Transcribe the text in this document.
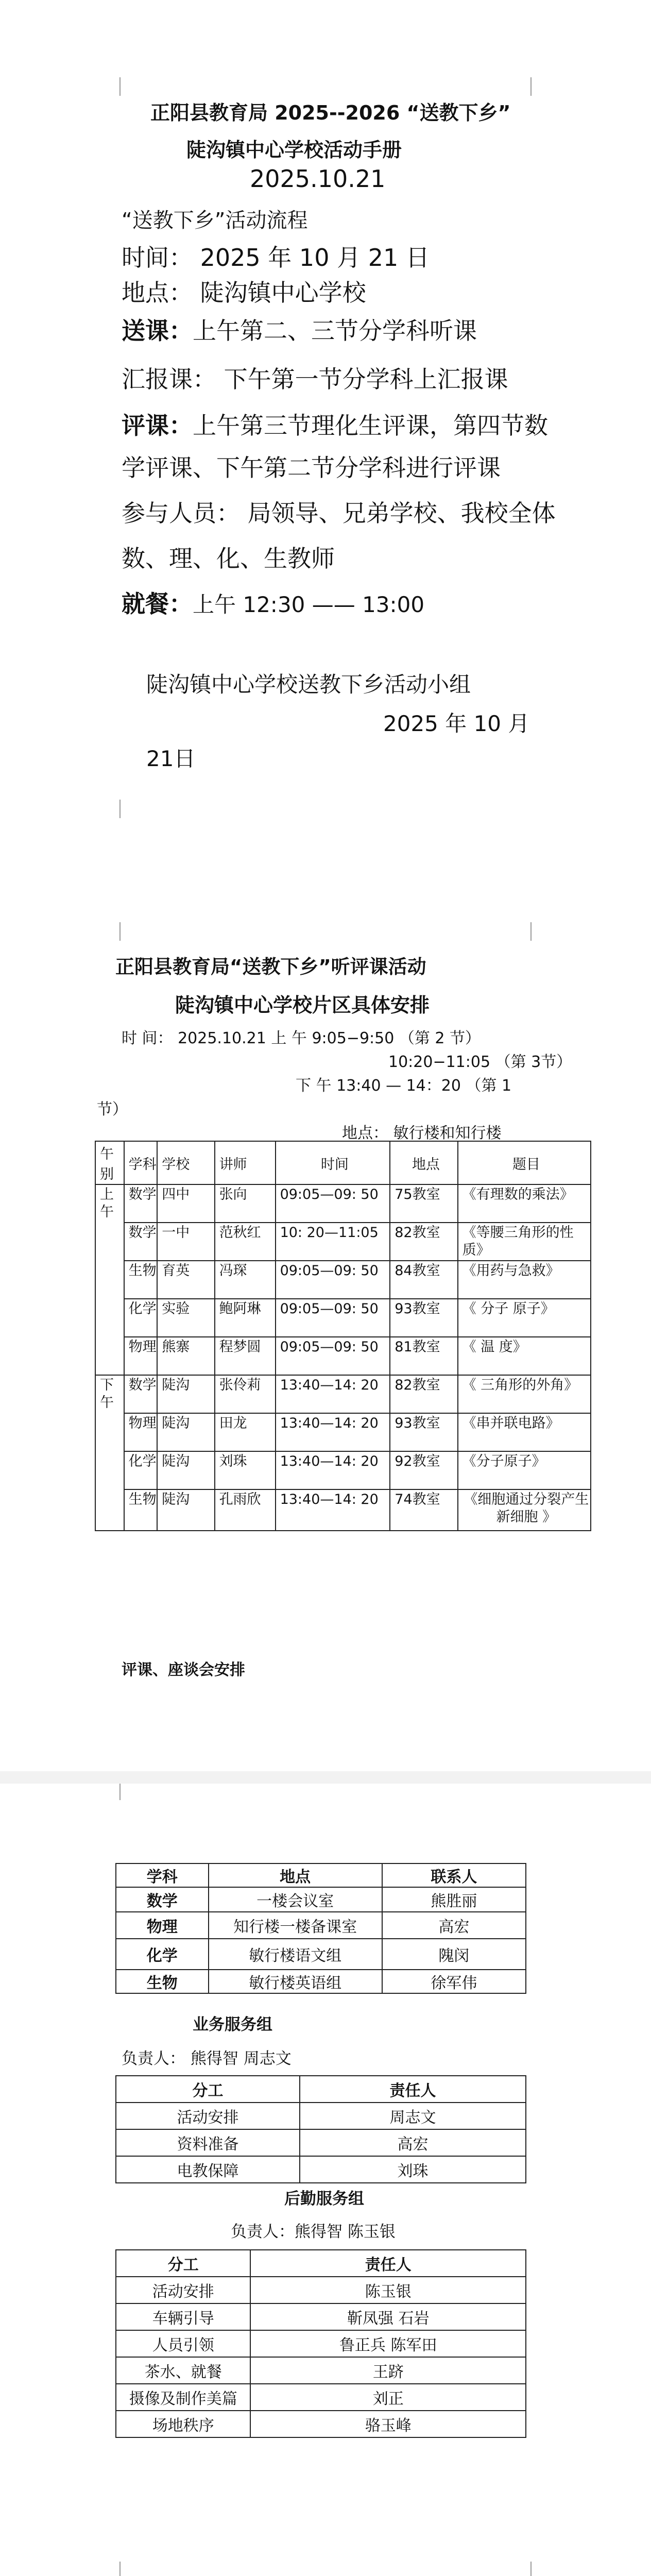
正阳县教育局 2025--2026 “送教下乡”

陡沟镇中心学校活动手册

2025.10.21

“送教下乡”活动流程

时间： 2025 年 10 月 21 日

地点： 陡沟镇中心学校

送课：上午第二、三节分学科听课

汇报课： 下午第一节分学科上汇报课

评课：上午第三节理化生评课，第四节数

学评课、下午第二节分学科进行评课

参与人员： 局领导、兄弟学校、我校全体

数、理、化、生教师

就餐：上午 12:30 —— 13:00

陡沟镇中心学校送教下乡活动小组

2025 年 10 月

21日

正阳县教育局“送教下乡”听评课活动

陡沟镇中心学校片区具体安排

时 间： 2025.10.21 上 午 9:05−9:50 （第 2 节）

10:20−11:05 （第 3节）

下 午 13:40 — 14：20 （第 1

节）

地点： 敏行楼和知行楼

午别	学科	学校	讲师	时间	地点	题目
上午	数学	四中	张向	09:05—09: 50	75教室	《有理数的乘法》
	数学	一中	范秋红	10: 20—11:05	82教室	《等腰三角形的性质》
	生物	育英	冯琛	09:05—09: 50	84教室	《用药与急救》
	化学	实验	鲍阿琳	09:05—09: 50	93教室	《 分子 原子》
	物理	熊寨	程梦圆	09:05—09: 50	81教室	《 温 度》
下午	数学	陡沟	张伶莉	13:40—14: 20	82教室	《 三角形的外角》
	物理	陡沟	田龙	13:40—14: 20	93教室	《串并联电路》
	化学	陡沟	刘珠	13:40—14: 20	92教室	《分子原子》
	生物	陡沟	孔雨欣	13:40—14: 20	74教室	《细胞通过分裂产生新细胞 》

评课、座谈会安排

学科	地点	联系人
数学	一楼会议室	熊胜丽
物理	知行楼一楼备课室	高宏
化学	敏行楼语文组	隗闵
生物	敏行楼英语组	徐军伟

业务服务组

负责人： 熊得智 周志文

分工	责任人
活动安排	周志文
资料准备	高宏
电教保障	刘珠

后勤服务组

负责人：熊得智 陈玉银

分工	责任人
活动安排	陈玉银
车辆引导	靳凤强 石岩
人员引领	鲁正兵 陈军田
茶水、就餐	王跻
摄像及制作美篇	刘正
场地秩序	骆玉峰
